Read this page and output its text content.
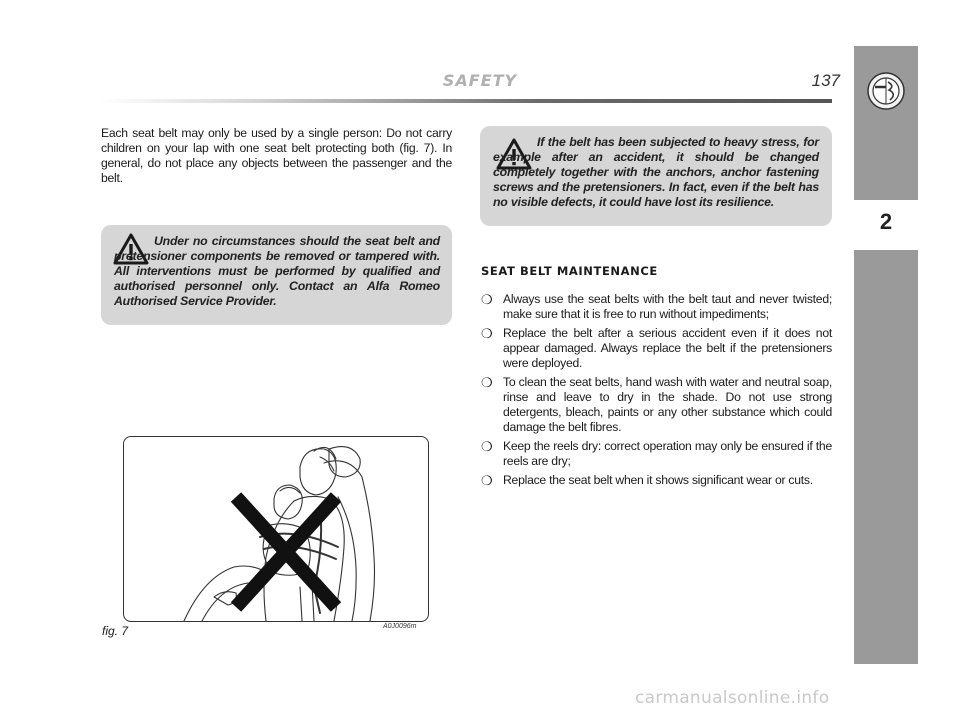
SAFETY	137
2
Each seat belt may only be used by a single person: Do not carry children on your lap with one seat belt protecting both (fig. 7). In general, do not place any objects between the passenger and the belt.
Under no circumstances should the seat belt and pretensioner components be removed or tampered with. All interventions must be performed by qualified and authorised personnel only. Contact an Alfa Romeo Authorised Service Provider.
If the belt has been subjected to heavy stress, for example after an accident, it should be changed completely together with the anchors, anchor fastening screws and the pretensioners. In fact, even if the belt has no visible defects, it could have lost its resilience.
SEAT BELT MAINTENANCE
❍ Always use the seat belts with the belt taut and never twisted; make sure that it is free to run without impediments;
❍ Replace the belt after a serious accident even if it does not appear damaged. Always replace the belt if the pretensioners were deployed.
❍ To clean the seat belts, hand wash with water and neutral soap, rinse and leave to dry in the shade. Do not use strong detergents, bleach, paints or any other substance which could damage the belt fibres.
❍ Keep the reels dry: correct operation may only be ensured if the reels are dry;
❍ Replace the seat belt when it shows significant wear or cuts.
fig. 7	A0J0096m
carmanualsonline.info
